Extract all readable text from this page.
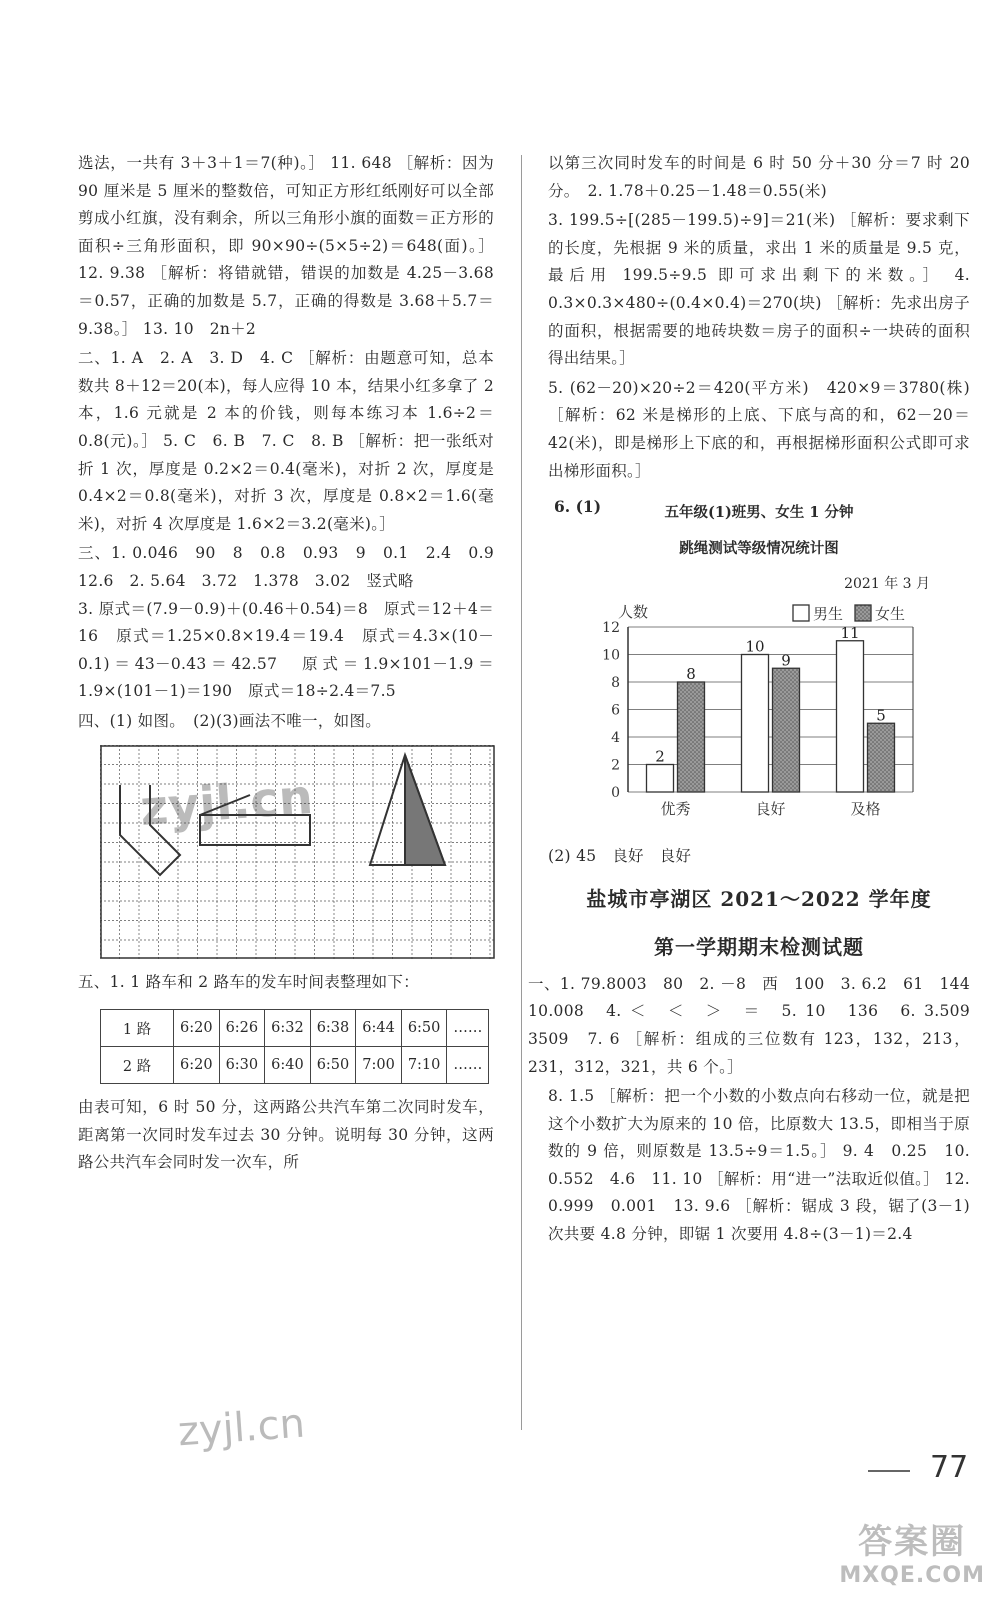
选法，一共有 3＋3＋1＝7(种)。］ 11. 648 ［解析：因为 90 厘米是 5 厘米的整数倍，可知正方形红纸刚好可以全部剪成小红旗，没有剩余，所以三角形小旗的面数＝正方形的面积÷三角形面积，即 90×90÷(5×5÷2)＝648(面)。］ 12. 9.38 ［解析：将错就错，错误的加数是 4.25－3.68＝0.57，正确的加数是 5.7，正确的得数是 3.68＋5.7＝9.38。］ 13. 10　2n＋2

二、1. A　2. A　3. D　4. C ［解析：由题意可知，总本数共 8＋12＝20(本)，每人应得 10 本，结果小红多拿了 2 本，1.6 元就是 2 本的价钱，则每本练习本 1.6÷2＝0.8(元)。］ 5. C　6. B　7. C　8. B ［解析：把一张纸对折 1 次，厚度是 0.2×2＝0.4(毫米)，对折 2 次，厚度是 0.4×2＝0.8(毫米)，对折 3 次，厚度是 0.8×2＝1.6(毫米)，对折 4 次厚度是 1.6×2＝3.2(毫米)。］

三、1. 0.046　90　8　0.8　0.93　9　0.1　2.4　0.9　12.6　2. 5.64　3.72　1.378　3.02　竖式略

3. 原式＝(7.9－0.9)＋(0.46＋0.54)＝8　原式＝12＋4＝16　原式＝1.25×0.8×19.4＝19.4　原式＝4.3×(10－0.1)＝43－0.43＝42.57　原式＝1.9×101－1.9＝1.9×(101－1)＝190　原式＝18÷2.4＝7.5

四、(1) 如图。　(2)(3)画法不唯一，如图。

zyjl.cn

五、1. 1 路车和 2 路车的发车时间表整理如下：

1 路	6:20	6:26	6:32	6:38	6:44	6:50	……
2 路	6:20	6:30	6:40	6:50	7:00	7:10	……

由表可知，6 时 50 分，这两路公共汽车第二次同时发车，距离第一次同时发车过去 30 分钟。说明每 30 分钟，这两路公共汽车会同时发一次车，所

zyjl.cn

以第三次同时发车的时间是 6 时 50 分＋30 分＝7 时 20 分。　2. 1.78＋0.25－1.48＝0.55(米)

3. 199.5÷[(285－199.5)÷9]＝21(米) ［解析：要求剩下的长度，先根据 9 米的质量，求出 1 米的质量是 9.5 克，最后用 199.5÷9.5 即可求出剩下的米数。］ 4. 0.3×0.3×480÷(0.4×0.4)＝270(块) ［解析：先求出房子的面积，根据需要的地砖块数＝房子的面积÷一块砖的面积得出结果。］

5. (62－20)×20÷2＝420(平方米)　420×9＝3780(株) ［解析：62 米是梯形的上底、下底与高的和，62－20＝42(米)，即是梯形上下底的和，再根据梯形面积公式即可求出梯形面积。］

6. (1)	五年级(1)班男、女生 1 分钟

跳绳测试等级情况统计图

2021 年 3 月

0
2
4
6
8
10
12
人数	男生 女生
2
8
优秀
10
9
良好
11
5
及格

(2) 45　良好　良好

盐城市亭湖区 2021～2022 学年度

第一学期期末检测试题

一、1. 79.8003　80　2. －8　西　100　3. 6.2　61　144　10.008　4. ＜　＜　＞　＝　5. 10　136　6. 3.509　3509　7. 6 ［解析：组成的三位数有 123，132，213，231，312，321，共 6 个。］

8. 1.5 ［解析：把一个小数的小数点向右移动一位，就是把这个小数扩大为原来的 10 倍，比原数大 13.5，即相当于原数的 9 倍，则原数是 13.5÷9＝1.5。］ 9. 4　0.25　10. 0.552　4.6　11. 10 ［解析：用“进一”法取近似值。］ 12. 0.999　0.001　13. 9.6 ［解析：锯成 3 段，锯了(3－1)次共要 4.8 分钟，即锯 1 次要用 4.8÷(3－1)＝2.4

77
答案圈
MXQE.COM
